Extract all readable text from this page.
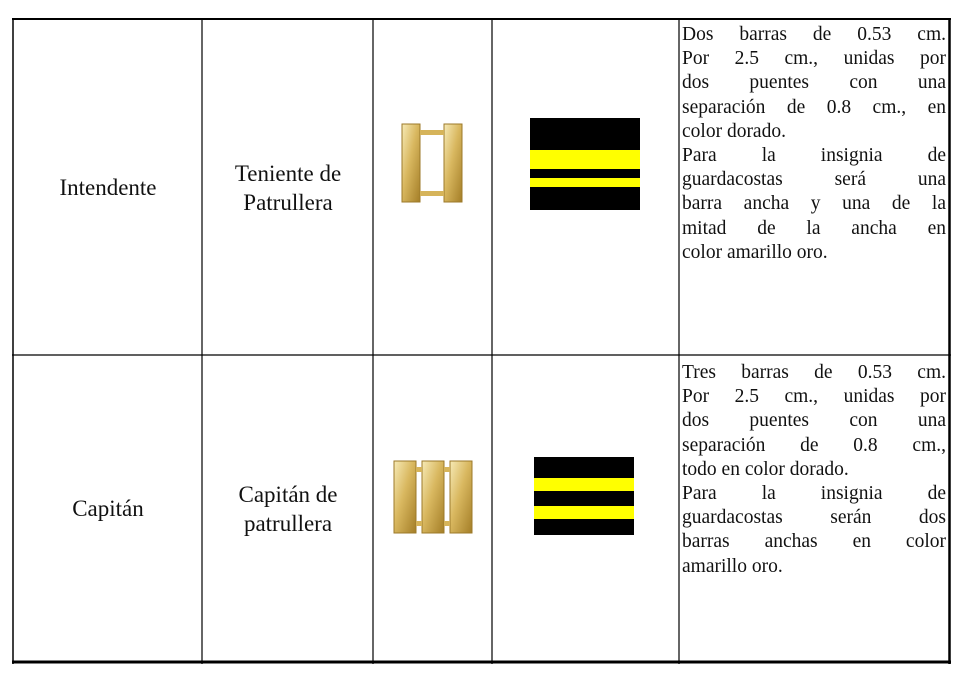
Intendente
Teniente de
Patrullera

Dos barras de 0.53 cm.

Por 2.5 cm., unidas por

dos puentes con una

separación de 0.8 cm., en

color dorado.

Para la insignia de

guardacostas será una

barra ancha y una de la

mitad de la ancha en

color amarillo oro.

Capitán
Capitán de
patrullera

Tres barras de 0.53 cm.

Por 2.5 cm., unidas por

dos puentes con una

separación de 0.8 cm.,

todo en color dorado.

Para la insignia de

guardacostas serán dos

barras anchas en color

amarillo oro.
